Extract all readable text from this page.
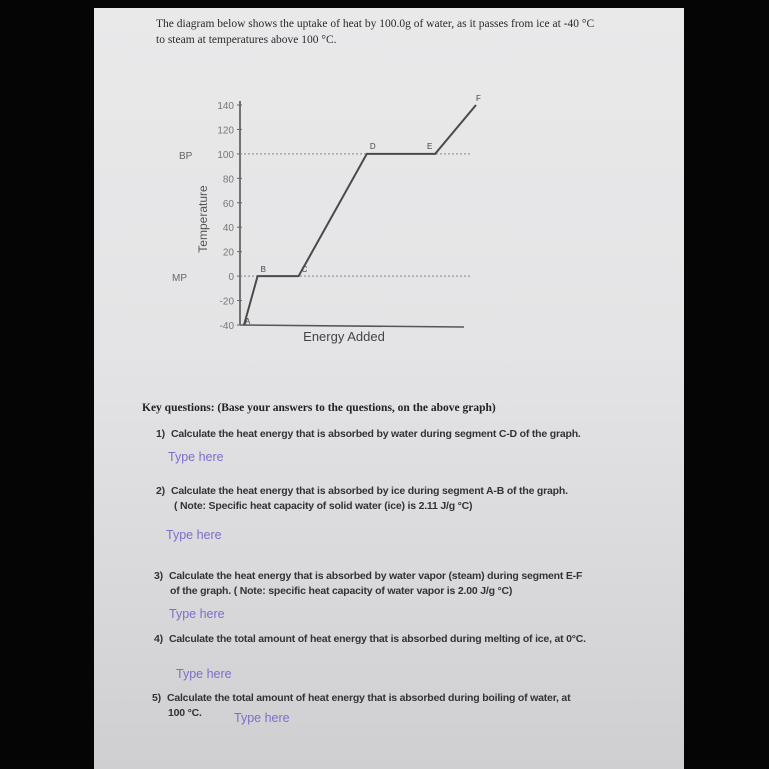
The diagram below shows the uptake of heat by 100.0g of water, as it passes from ice at -40 °C
to steam at temperatures above 100 °C.
140
120
100
80
60
40
20
0
-20
-40
BP
MP
A
B	C
D	E
F
Energy Added
Temperature
Key questions: (Base your answers to the questions, on the above graph)
1) Calculate the heat energy that is absorbed by water during segment C-D of the graph.
Type here
2) Calculate the heat energy that is absorbed by ice during segment A-B of the graph.
( Note: Specific heat capacity of solid water (ice) is 2.11 J/g °C)
Type here
3) Calculate the heat energy that is absorbed by water vapor (steam) during segment E-F
of the graph. ( Note: specific heat capacity of water vapor is 2.00 J/g °C)
Type here
4) Calculate the total amount of heat energy that is absorbed during melting of ice, at 0°C.
Type here
5) Calculate the total amount of heat energy that is absorbed during boiling of water, at
100 °C.	Type here
